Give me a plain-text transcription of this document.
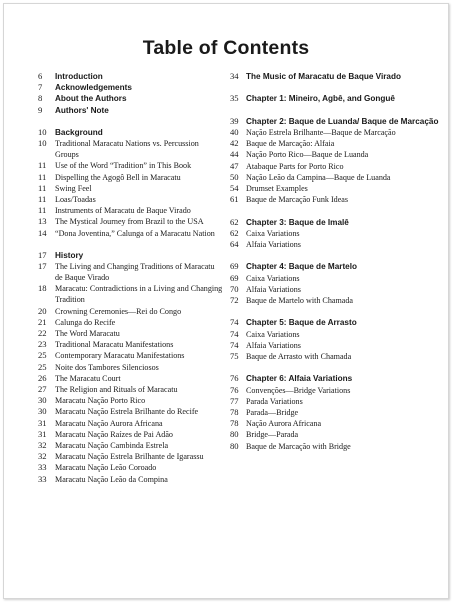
Table of Contents
6	Introduction
7	Acknowledgements
8	About the Authors
9	Authors' Note
10	Background
10	Traditional Maracatu Nations vs. Percussion Groups
11	Use of the Word “Tradition” in This Book
11	Dispelling the Agogô Bell in Maracatu
11	Swing Feel
11	Loas/Toadas
11	Instruments of Maracatu de Baque Virado
13	The Mystical Journey from Brazil to the USA
14	“Dona Joventina,” Calunga of a Maracatu Nation
17	History
17	The Living and Changing Traditions of Maracatu de Baque Virado
18	Maracatu: Contradictions in a Living and Changing Tradition
20	Crowning Ceremonies—Rei do Congo
21	Calunga do Recife
22	The Word Maracatu
23	Traditional Maracatu Manifestations
25	Contemporary Maracatu Manifestations
25	Noite dos Tambores Silenciosos
26	The Maracatu Court
27	The Religion and Rituals of Maracatu
30	Maracatu Nação Porto Rico
30	Maracatu Nação Estrela Brilhante do Recife
31	Maracatu Nação Aurora Africana
31	Maracatu Nação Raízes de Pai Adão
32	Maracatu Nação Cambinda Estrela
32	Maracatu Nação Estrela Brilhante de Igarassu
33	Maracatu Nação Leão Coroado
33	Maracatu Nação Leão da Compina
34 The Music of Maracatu de Baque Virado
35 Chapter 1: Mineiro, Agbê, and Gonguê
39 Chapter 2: Baque de Luanda/ Baque de Marcação
40 Nação Estrela Brilhante—Baque de Marcação
42 Baque de Marcação: Alfaia
44 Nação Porto Rico—Baque de Luanda
47 Atabaque Parts for Porto Rico
50 Nação Leão da Campina—Baque de Luanda
54 Drumset Examples
61 Baque de Marcação Funk Ideas
62 Chapter 3: Baque de Imalê
62 Caixa Variations
64 Alfaia Variations
69 Chapter 4: Baque de Martelo
69 Caixa Variations
70 Alfaia Variations
72 Baque de Martelo with Chamada
74 Chapter 5: Baque de Arrasto
74 Caixa Variations
74 Alfaia Variations
75 Baque de Arrasto with Chamada
76 Chapter 6: Alfaia Variations
76 Convenções—Bridge Variations
77 Parada Variations
78 Parada—Bridge
78 Nação Aurora Africana
80 Bridge—Parada
80 Baque de Marcação with Bridge
